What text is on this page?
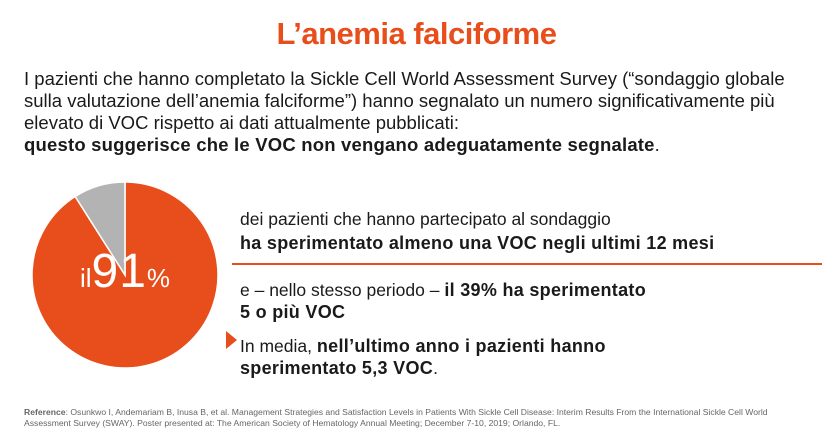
L’anemia falciforme
I pazienti che hanno completato la Sickle Cell World Assessment Survey (“sondaggio globale sulla valutazione dell’anemia falciforme”) hanno segnalato un numero significativamente più elevato di VOC rispetto ai dati attualmente pubblicati:
questo suggerisce che le VOC non vengano adeguatamente segnalate.
il91%
dei pazienti che hanno partecipato al sondaggio
ha sperimentato almeno una VOC negli ultimi 12 mesi
e – nello stesso periodo – il 39% ha sperimentato
5 o più VOC
In media, nell’ultimo anno i pazienti hanno
sperimentato 5,3 VOC.
Reference: Osunkwo I, Andemariam B, Inusa B, et al. Management Strategies and Satisfaction Levels in Patients With Sickle Cell Disease: Interim Results From the International Sickle Cell World Assessment Survey (SWAY). Poster presented at: The American Society of Hematology Annual Meeting; December 7-10, 2019; Orlando, FL.
